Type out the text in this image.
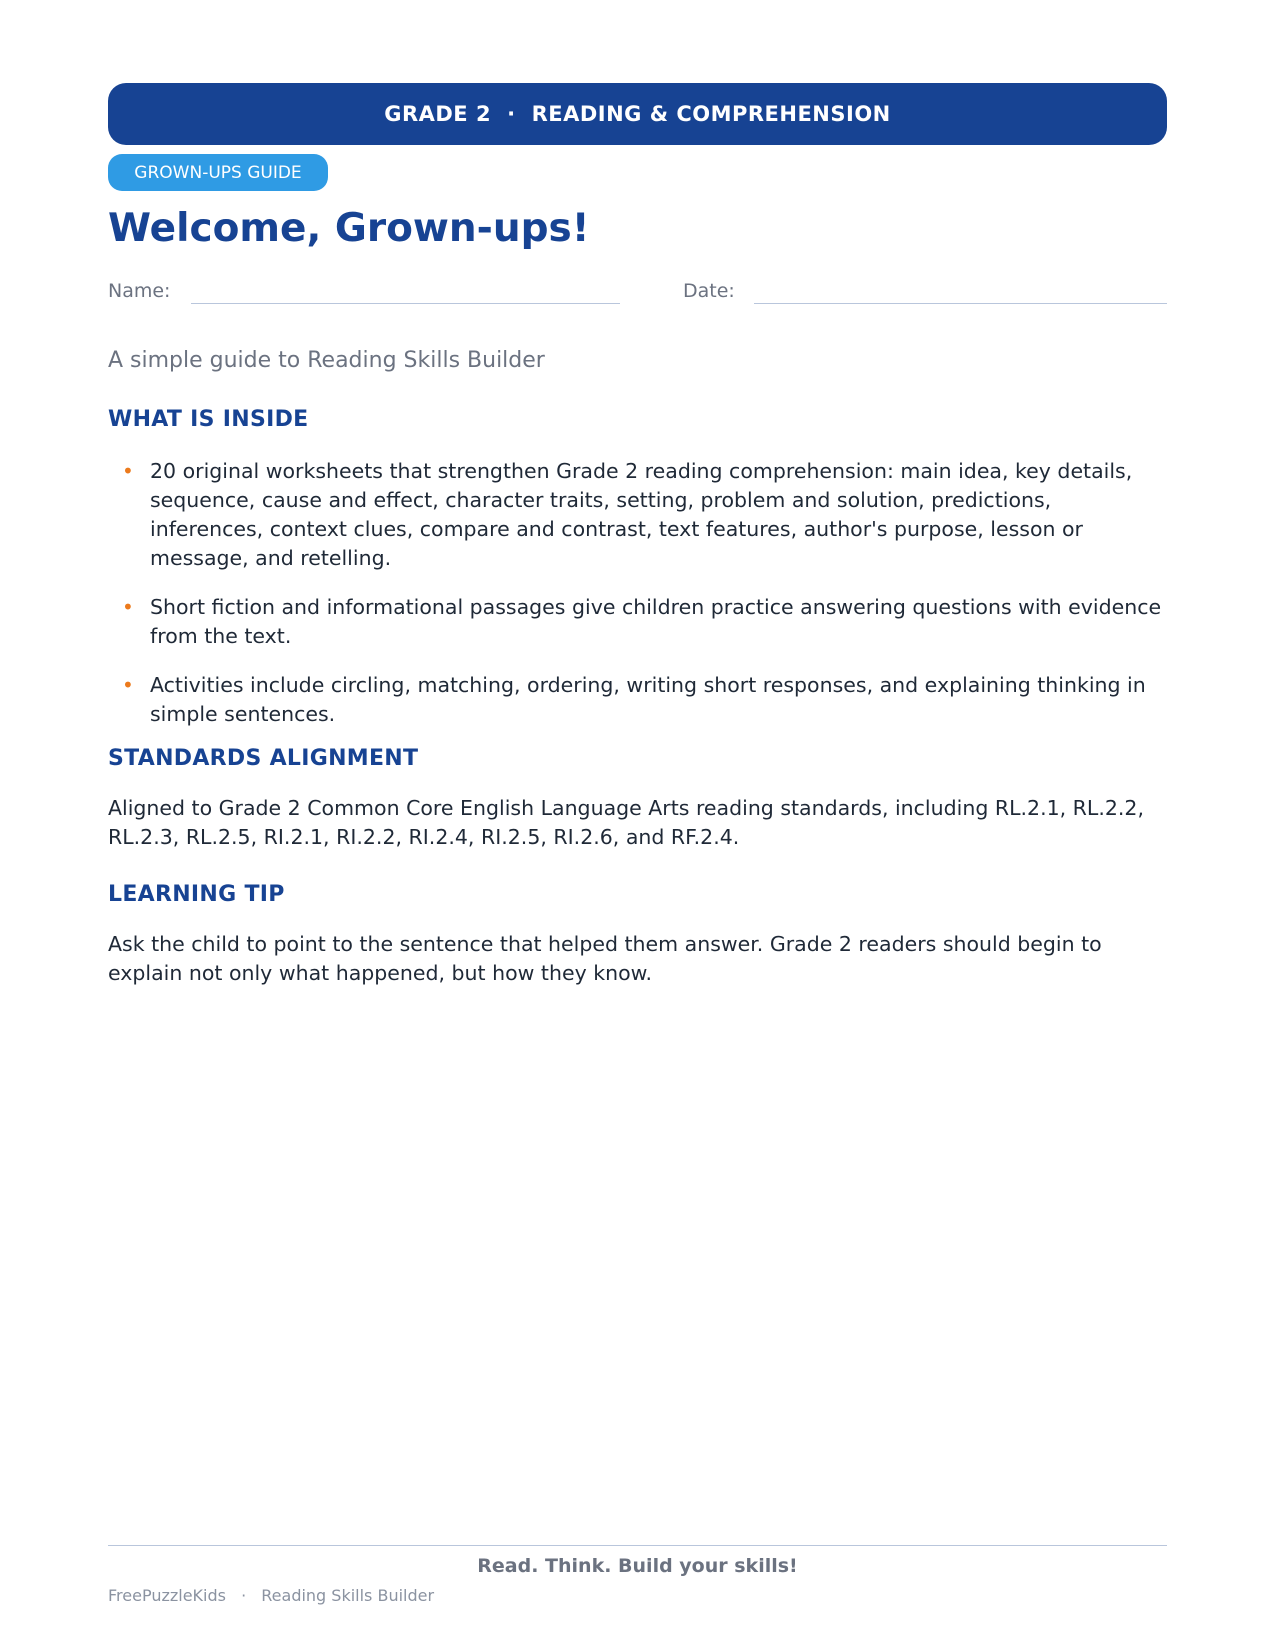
GRADE 2 · READING & COMPREHENSION
GROWN-UPS GUIDE
Welcome, Grown-ups!
Name:	Date:
A simple guide to Reading Skills Builder
WHAT IS INSIDE
• 20 original worksheets that strengthen Grade 2 reading comprehension: main idea, key details, sequence, cause and effect, character traits, setting, problem and solution, predictions, inferences, context clues, compare and contrast, text features, author's purpose, lesson or message, and retelling.
• Short fiction and informational passages give children practice answering questions with evidence from the text.
• Activities include circling, matching, ordering, writing short responses, and explaining thinking in simple sentences.
STANDARDS ALIGNMENT

Aligned to Grade 2 Common Core English Language Arts reading standards, including RL.2.1, RL.2.2, RL.2.3, RL.2.5, RI.2.1, RI.2.2, RI.2.4, RI.2.5, RI.2.6, and RF.2.4.

LEARNING TIP

Ask the child to point to the sentence that helped them answer. Grade 2 readers should begin to explain not only what happened, but how they know.

Read. Think. Build your skills!
FreePuzzleKids · Reading Skills Builder
